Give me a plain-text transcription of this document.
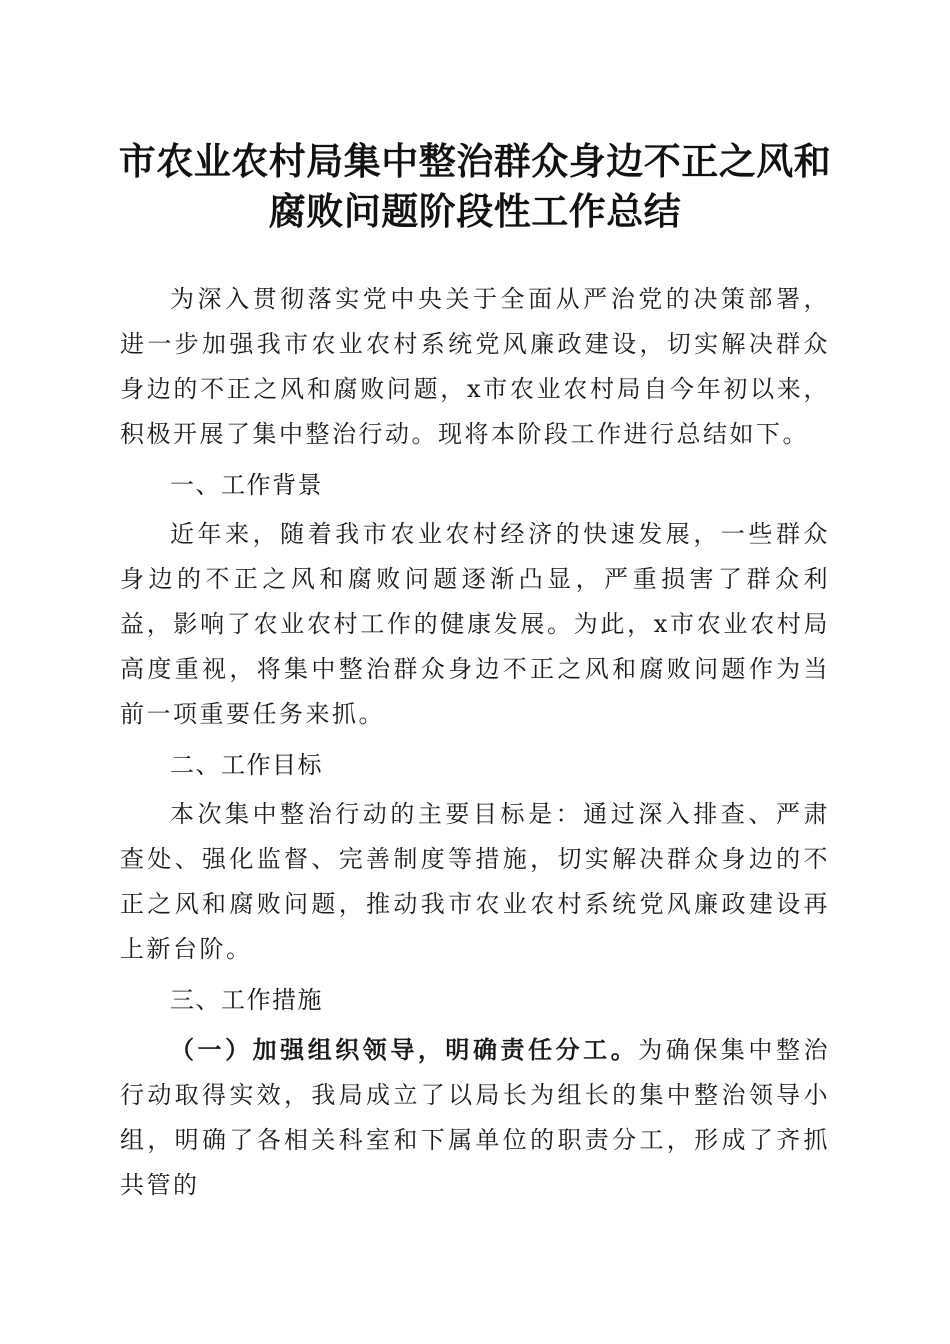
市农业农村局集中整治群众身边不正之风和腐败问题阶段性工作总结

为深入贯彻落实党中央关于全面从严治党的决策部署，进一步加强我市农业农村系统党风廉政建设，切实解决群众身边的不正之风和腐败问题，x市农业农村局自今年初以来，积极开展了集中整治行动。现将本阶段工作进行总结如下。

一、工作背景

近年来，随着我市农业农村经济的快速发展，一些群众身边的不正之风和腐败问题逐渐凸显，严重损害了群众利益，影响了农业农村工作的健康发展。为此，x市农业农村局高度重视，将集中整治群众身边不正之风和腐败问题作为当前一项重要任务来抓。

二、工作目标

本次集中整治行动的主要目标是：通过深入排查、严肃查处、强化监督、完善制度等措施，切实解决群众身边的不正之风和腐败问题，推动我市农业农村系统党风廉政建设再上新台阶。

三、工作措施

（一）加强组织领导，明确责任分工。为确保集中整治行动取得实效，我局成立了以局长为组长的集中整治领导小组，明确了各相关科室和下属单位的职责分工，形成了齐抓共管的
